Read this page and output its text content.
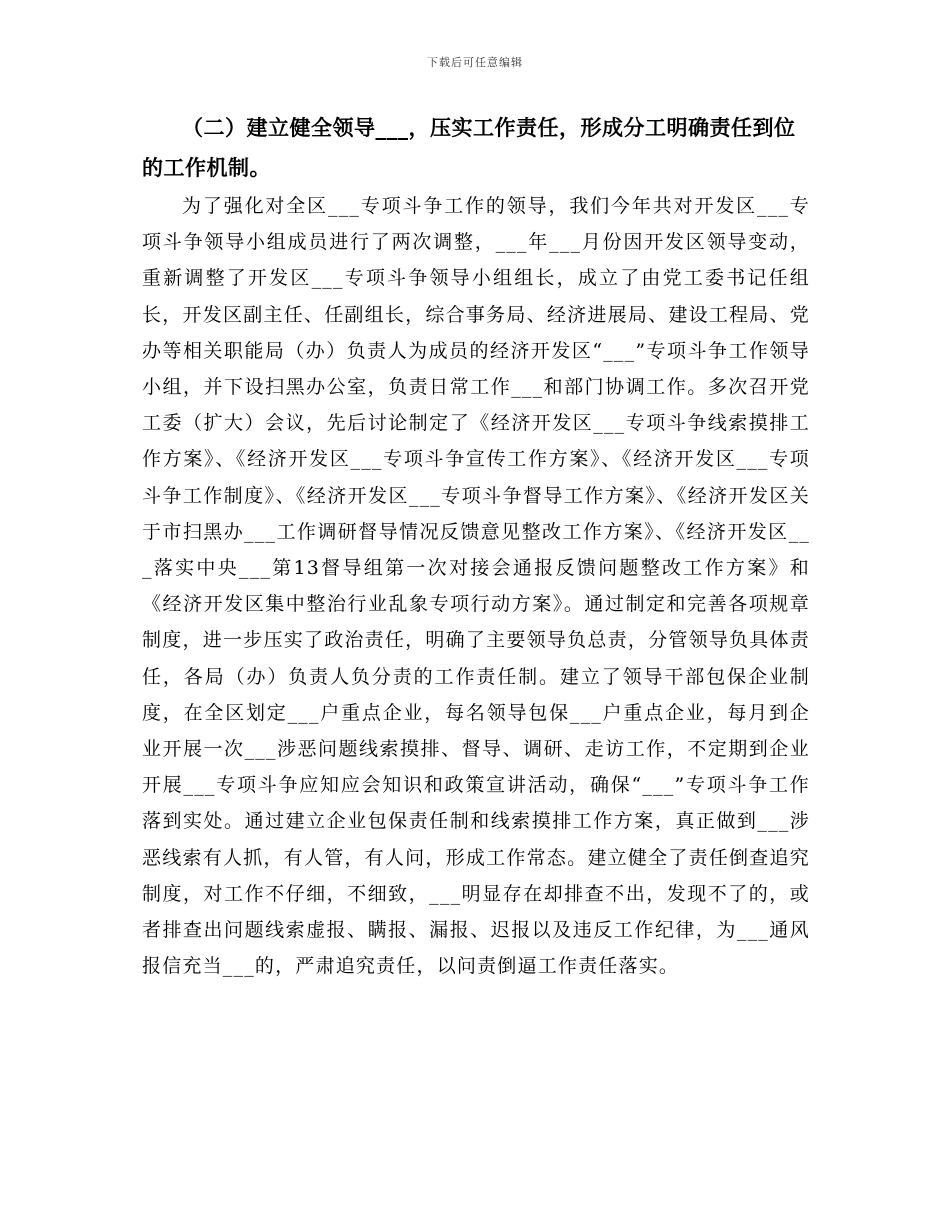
下载后可任意编辑

（二）建立健全领导___，压实工作责任，形成分工明确责任到位的工作机制。

为了强化对全区___专项斗争工作的领导，我们今年共对开发区___专项斗争领导小组成员进行了两次调整，___年___月份因开发区领导变动，重新调整了开发区___专项斗争领导小组组长，成立了由党工委书记任组长，开发区副主任、任副组长，综合事务局、经济进展局、建设工程局、党办等相关职能局（办）负责人为成员的经济开发区“___”专项斗争工作领导小组，并下设扫黑办公室，负责日常工作___和部门协调工作。多次召开党工委（扩大）会议，先后讨论制定了《经济开发区___专项斗争线索摸排工作方案》、《经济开发区___专项斗争宣传工作方案》、《经济开发区___专项斗争工作制度》、《经济开发区___专项斗争督导工作方案》、《经济开发区关于市扫黑办___工作调研督导情况反馈意见整改工作方案》、《经济开发区___落实中央___第13督导组第一次对接会通报反馈问题整改工作方案》和《经济开发区集中整治行业乱象专项行动方案》。通过制定和完善各项规章制度，进一步压实了政治责任，明确了主要领导负总责，分管领导负具体责任，各局（办）负责人负分责的工作责任制。建立了领导干部包保企业制度，在全区划定___户重点企业，每名领导包保___户重点企业，每月到企业开展一次___涉恶问题线索摸排、督导、调研、走访工作，不定期到企业开展___专项斗争应知应会知识和政策宣讲活动，确保“___”专项斗争工作落到实处。通过建立企业包保责任制和线索摸排工作方案，真正做到___涉恶线索有人抓，有人管，有人问，形成工作常态。建立健全了责任倒查追究制度，对工作不仔细，不细致，___明显存在却排查不出，发现不了的，或者排查出问题线索虚报、瞒报、漏报、迟报以及违反工作纪律，为___通风报信充当___的，严肃追究责任，以问责倒逼工作责任落实。
